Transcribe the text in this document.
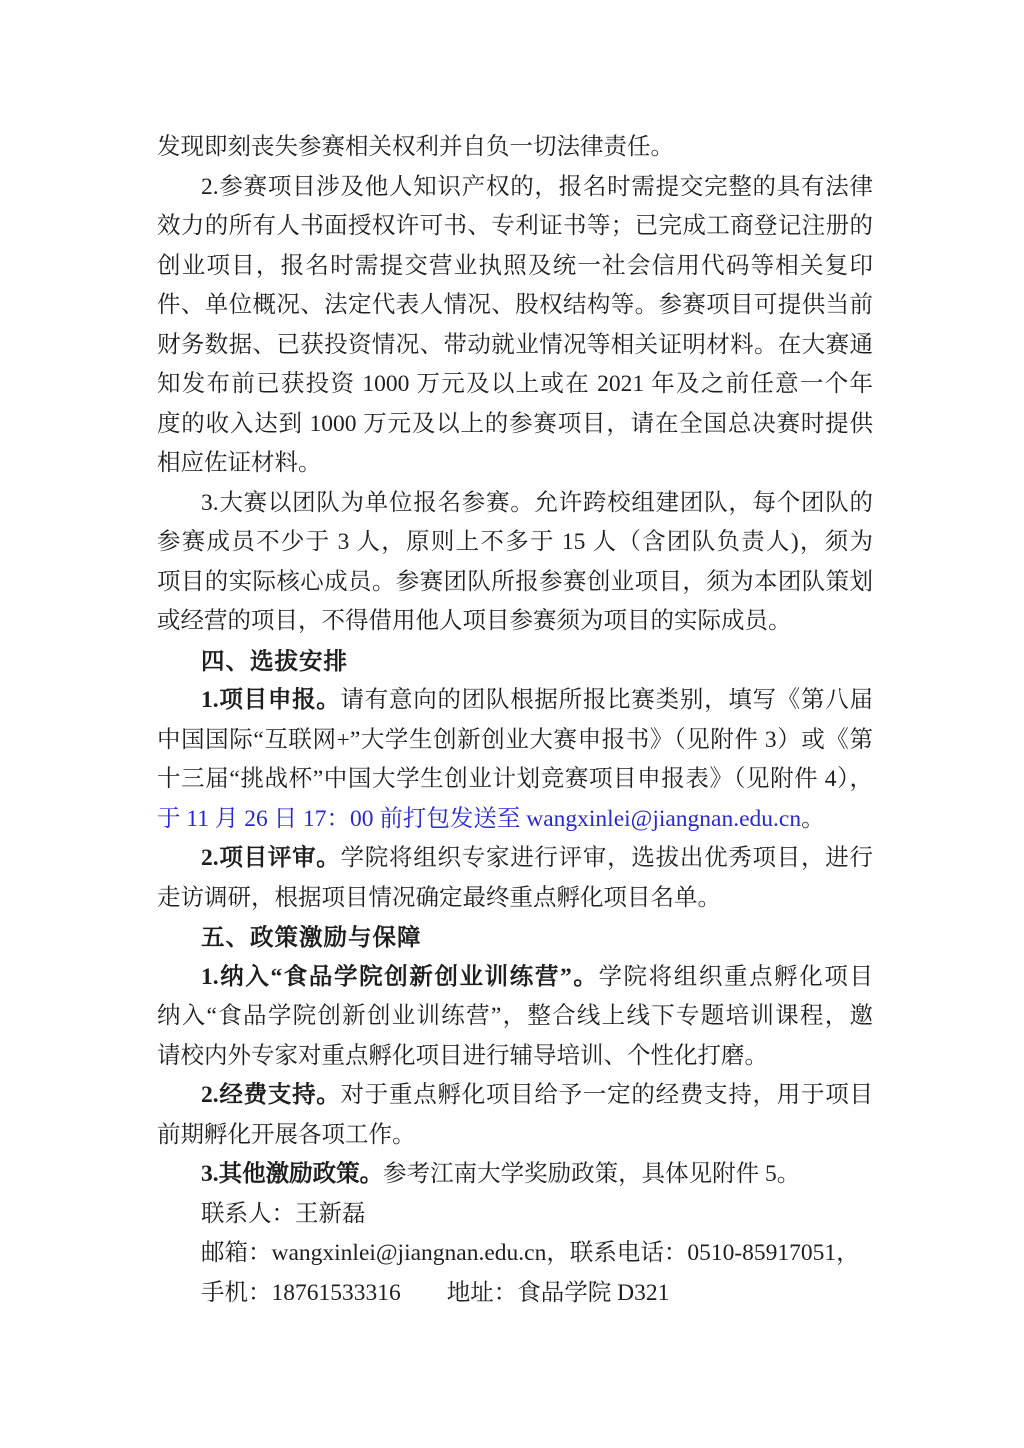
发现即刻丧失参赛相关权利并自负一切法律责任。
2.参赛项目涉及他人知识产权的，报名时需提交完整的具有法律
效力的所有人书面授权许可书、专利证书等；已完成工商登记注册的
创业项目，报名时需提交营业执照及统一社会信用代码等相关复印
件、单位概况、法定代表人情况、股权结构等。参赛项目可提供当前
财务数据、已获投资情况、带动就业情况等相关证明材料。在大赛通
知发布前已获投资 1000 万元及以上或在 2021 年及之前任意一个年
度的收入达到 1000 万元及以上的参赛项目，请在全国总决赛时提供
相应佐证材料。
3.大赛以团队为单位报名参赛。允许跨校组建团队，每个团队的
参赛成员不少于 3 人，原则上不多于 15 人（含团队负责人)，须为
项目的实际核心成员。参赛团队所报参赛创业项目，须为本团队策划
或经营的项目，不得借用他人项目参赛须为项目的实际成员。
四、选拔安排
1.项目申报。请有意向的团队根据所报比赛类别，填写《第八届
中国国际“互联网+”大学生创新创业大赛申报书》（见附件 3）或《第
十三届“挑战杯”中国大学生创业计划竞赛项目申报表》（见附件 4），
于 11 月 26 日 17：00 前打包发送至 wangxinlei@jiangnan.edu.cn。
2.项目评审。学院将组织专家进行评审，选拔出优秀项目，进行
走访调研，根据项目情况确定最终重点孵化项目名单。
五、政策激励与保障
1.纳入“食品学院创新创业训练营”。学院将组织重点孵化项目
纳入“食品学院创新创业训练营”，整合线上线下专题培训课程，邀
请校内外专家对重点孵化项目进行辅导培训、个性化打磨。
2.经费支持。对于重点孵化项目给予一定的经费支持，用于项目
前期孵化开展各项工作。
3.其他激励政策。参考江南大学奖励政策，具体见附件 5。
联系人：王新磊
邮箱：wangxinlei@jiangnan.edu.cn，联系电话：0510-85917051，
手机：18761533316 地址：食品学院 D321
